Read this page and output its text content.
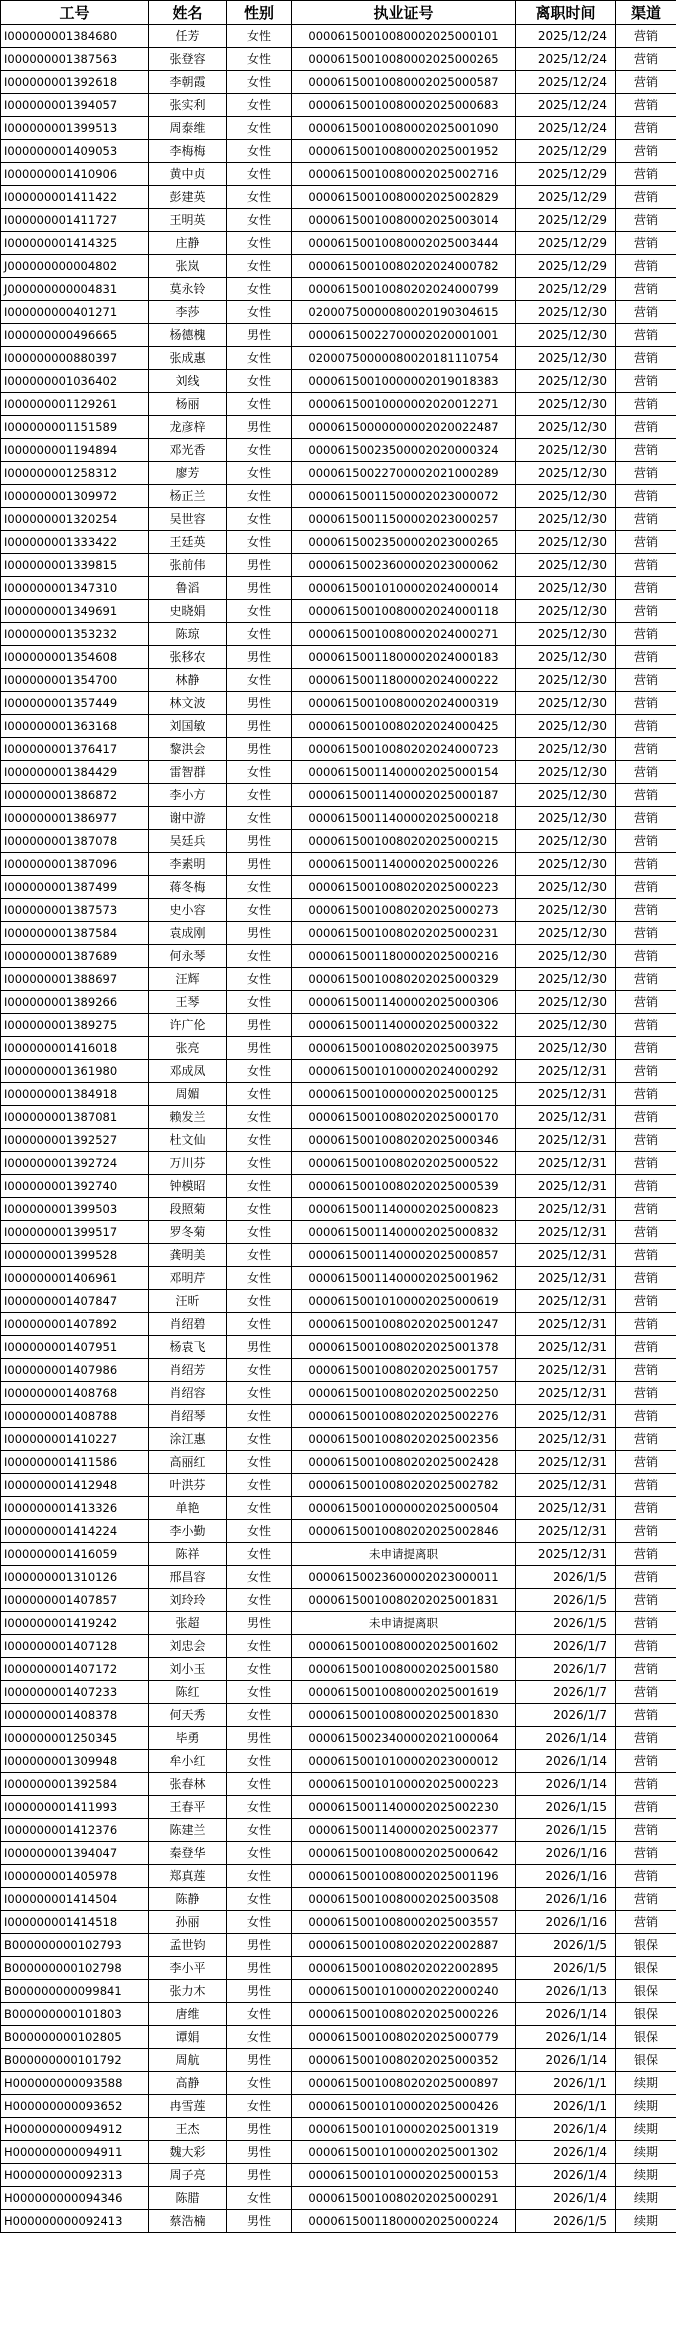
工号	姓名	性别	执业证号	离职时间	渠道
I000000001384680	任芳	女性	00006150010080002025000101	2025/12/24	营销
I000000001387563	张登容	女性	00006150010080002025000265	2025/12/24	营销
I000000001392618	李朝霞	女性	00006150010080002025000587	2025/12/24	营销
I000000001394057	张实利	女性	00006150010080002025000683	2025/12/24	营销
I000000001399513	周泰维	女性	00006150010080002025001090	2025/12/24	营销
I000000001409053	李梅梅	女性	00006150010080002025001952	2025/12/29	营销
I000000001410906	黄中贞	女性	00006150010080002025002716	2025/12/29	营销
I000000001411422	彭建英	女性	00006150010080002025002829	2025/12/29	营销
I000000001411727	王明英	女性	00006150010080002025003014	2025/12/29	营销
I000000001414325	庄静	女性	00006150010080002025003444	2025/12/29	营销
J000000000004802	张岚	女性	00006150010080202024000782	2025/12/29	营销
J000000000004831	莫永铃	女性	00006150010080202024000799	2025/12/29	营销
I000000000401271	李莎	女性	02000750000080020190304615	2025/12/30	营销
I000000000496665	杨德槐	男性	00006150022700002020001001	2025/12/30	营销
I000000000880397	张成惠	女性	02000750000080020181110754	2025/12/30	营销
I000000001036402	刘线	女性	00006150010000002019018383	2025/12/30	营销
I000000001129261	杨丽	女性	00006150010000002020012271	2025/12/30	营销
I000000001151589	龙彦梓	男性	00006150000000002020022487	2025/12/30	营销
I000000001194894	邓光香	女性	00006150023500002020000324	2025/12/30	营销
I000000001258312	廖芳	女性	00006150022700002021000289	2025/12/30	营销
I000000001309972	杨正兰	女性	00006150011500002023000072	2025/12/30	营销
I000000001320254	吴世容	女性	00006150011500002023000257	2025/12/30	营销
I000000001333422	王廷英	女性	00006150023500002023000265	2025/12/30	营销
I000000001339815	张前伟	男性	00006150023600002023000062	2025/12/30	营销
I000000001347310	鲁滔	男性	00006150010100002024000014	2025/12/30	营销
I000000001349691	史晓娟	女性	00006150010080002024000118	2025/12/30	营销
I000000001353232	陈琼	女性	00006150010080002024000271	2025/12/30	营销
I000000001354608	张移农	男性	00006150011800002024000183	2025/12/30	营销
I000000001354700	林静	女性	00006150011800002024000222	2025/12/30	营销
I000000001357449	林文波	男性	00006150010080002024000319	2025/12/30	营销
I000000001363168	刘国敏	男性	00006150010080202024000425	2025/12/30	营销
I000000001376417	黎洪会	男性	00006150010080202024000723	2025/12/30	营销
I000000001384429	雷智群	女性	00006150011400002025000154	2025/12/30	营销
I000000001386872	李小方	女性	00006150011400002025000187	2025/12/30	营销
I000000001386977	谢中游	女性	00006150011400002025000218	2025/12/30	营销
I000000001387078	吴廷兵	男性	00006150010080202025000215	2025/12/30	营销
I000000001387096	李素明	男性	00006150011400002025000226	2025/12/30	营销
I000000001387499	蒋冬梅	女性	00006150010080202025000223	2025/12/30	营销
I000000001387573	史小容	女性	00006150010080202025000273	2025/12/30	营销
I000000001387584	袁成刚	男性	00006150010080202025000231	2025/12/30	营销
I000000001387689	何永琴	女性	00006150011800002025000216	2025/12/30	营销
I000000001388697	汪辉	女性	00006150010080202025000329	2025/12/30	营销
I000000001389266	王琴	女性	00006150011400002025000306	2025/12/30	营销
I000000001389275	许广伦	男性	00006150011400002025000322	2025/12/30	营销
I000000001416018	张亮	男性	00006150010080202025003975	2025/12/30	营销
I000000001361980	邓成凤	女性	00006150010100002024000292	2025/12/31	营销
I000000001384918	周媚	女性	00006150010000002025000125	2025/12/31	营销
I000000001387081	赖发兰	女性	00006150010080202025000170	2025/12/31	营销
I000000001392527	杜文仙	女性	00006150010080202025000346	2025/12/31	营销
I000000001392724	万川芬	女性	00006150010080202025000522	2025/12/31	营销
I000000001392740	钟模昭	女性	00006150010080202025000539	2025/12/31	营销
I000000001399503	段照菊	女性	00006150011400002025000823	2025/12/31	营销
I000000001399517	罗冬菊	女性	00006150011400002025000832	2025/12/31	营销
I000000001399528	龚明美	女性	00006150011400002025000857	2025/12/31	营销
I000000001406961	邓明芹	女性	00006150011400002025001962	2025/12/31	营销
I000000001407847	汪昕	女性	00006150010100002025000619	2025/12/31	营销
I000000001407892	肖绍碧	女性	00006150010080202025001247	2025/12/31	营销
I000000001407951	杨袁飞	男性	00006150010080202025001378	2025/12/31	营销
I000000001407986	肖绍芳	女性	00006150010080202025001757	2025/12/31	营销
I000000001408768	肖绍容	女性	00006150010080202025002250	2025/12/31	营销
I000000001408788	肖绍琴	女性	00006150010080202025002276	2025/12/31	营销
I000000001410227	涂江惠	女性	00006150010080202025002356	2025/12/31	营销
I000000001411586	高丽红	女性	00006150010080202025002428	2025/12/31	营销
I000000001412948	叶洪芬	女性	00006150010080202025002782	2025/12/31	营销
I000000001413326	单艳	女性	00006150010000002025000504	2025/12/31	营销
I000000001414224	李小勤	女性	00006150010080202025002846	2025/12/31	营销
I000000001416059	陈祥	女性	未申请提离职	2025/12/31	营销
I000000001310126	邢昌容	女性	00006150023600002023000011	2026/1/5	营销
I000000001407857	刘玲玲	女性	00006150010080202025001831	2026/1/5	营销
I000000001419242	张超	男性	未申请提离职	2026/1/5	营销
I000000001407128	刘忠会	女性	00006150010080002025001602	2026/1/7	营销
I000000001407172	刘小玉	女性	00006150010080002025001580	2026/1/7	营销
I000000001407233	陈红	女性	00006150010080002025001619	2026/1/7	营销
I000000001408378	何天秀	女性	00006150010080002025001830	2026/1/7	营销
I000000001250345	毕勇	男性	00006150023400002021000064	2026/1/14	营销
I000000001309948	牟小红	女性	00006150010100002023000012	2026/1/14	营销
I000000001392584	张春林	女性	00006150010100002025000223	2026/1/14	营销
I000000001411993	王春平	女性	00006150011400002025002230	2026/1/15	营销
I000000001412376	陈建兰	女性	00006150011400002025002377	2026/1/15	营销
I000000001394047	秦登华	女性	00006150010080002025000642	2026/1/16	营销
I000000001405978	郑真莲	女性	00006150010080002025001196	2026/1/16	营销
I000000001414504	陈静	女性	00006150010080002025003508	2026/1/16	营销
I000000001414518	孙丽	女性	00006150010080002025003557	2026/1/16	营销
B000000000102793	孟世钧	男性	00006150010080202022002887	2026/1/5	银保
B000000000102798	李小平	男性	00006150010080202022002895	2026/1/5	银保
B000000000099841	张力木	男性	00006150010100002022000240	2026/1/13	银保
B000000000101803	唐维	女性	00006150010080202025000226	2026/1/14	银保
B000000000102805	谭娟	女性	00006150010080202025000779	2026/1/14	银保
B000000000101792	周航	男性	00006150010080202025000352	2026/1/14	银保
H000000000093588	高静	女性	00006150010080202025000897	2026/1/1	续期
H000000000093652	冉雪莲	女性	00006150010100002025000426	2026/1/1	续期
H000000000094912	王杰	男性	00006150010100002025001319	2026/1/4	续期
H000000000094911	魏大彩	男性	00006150010100002025001302	2026/1/4	续期
H000000000092313	周子亮	男性	00006150010100002025000153	2026/1/4	续期
H000000000094346	陈腊	女性	00006150010080202025000291	2026/1/4	续期
H000000000092413	蔡浩楠	男性	00006150011800002025000224	2026/1/5	续期
